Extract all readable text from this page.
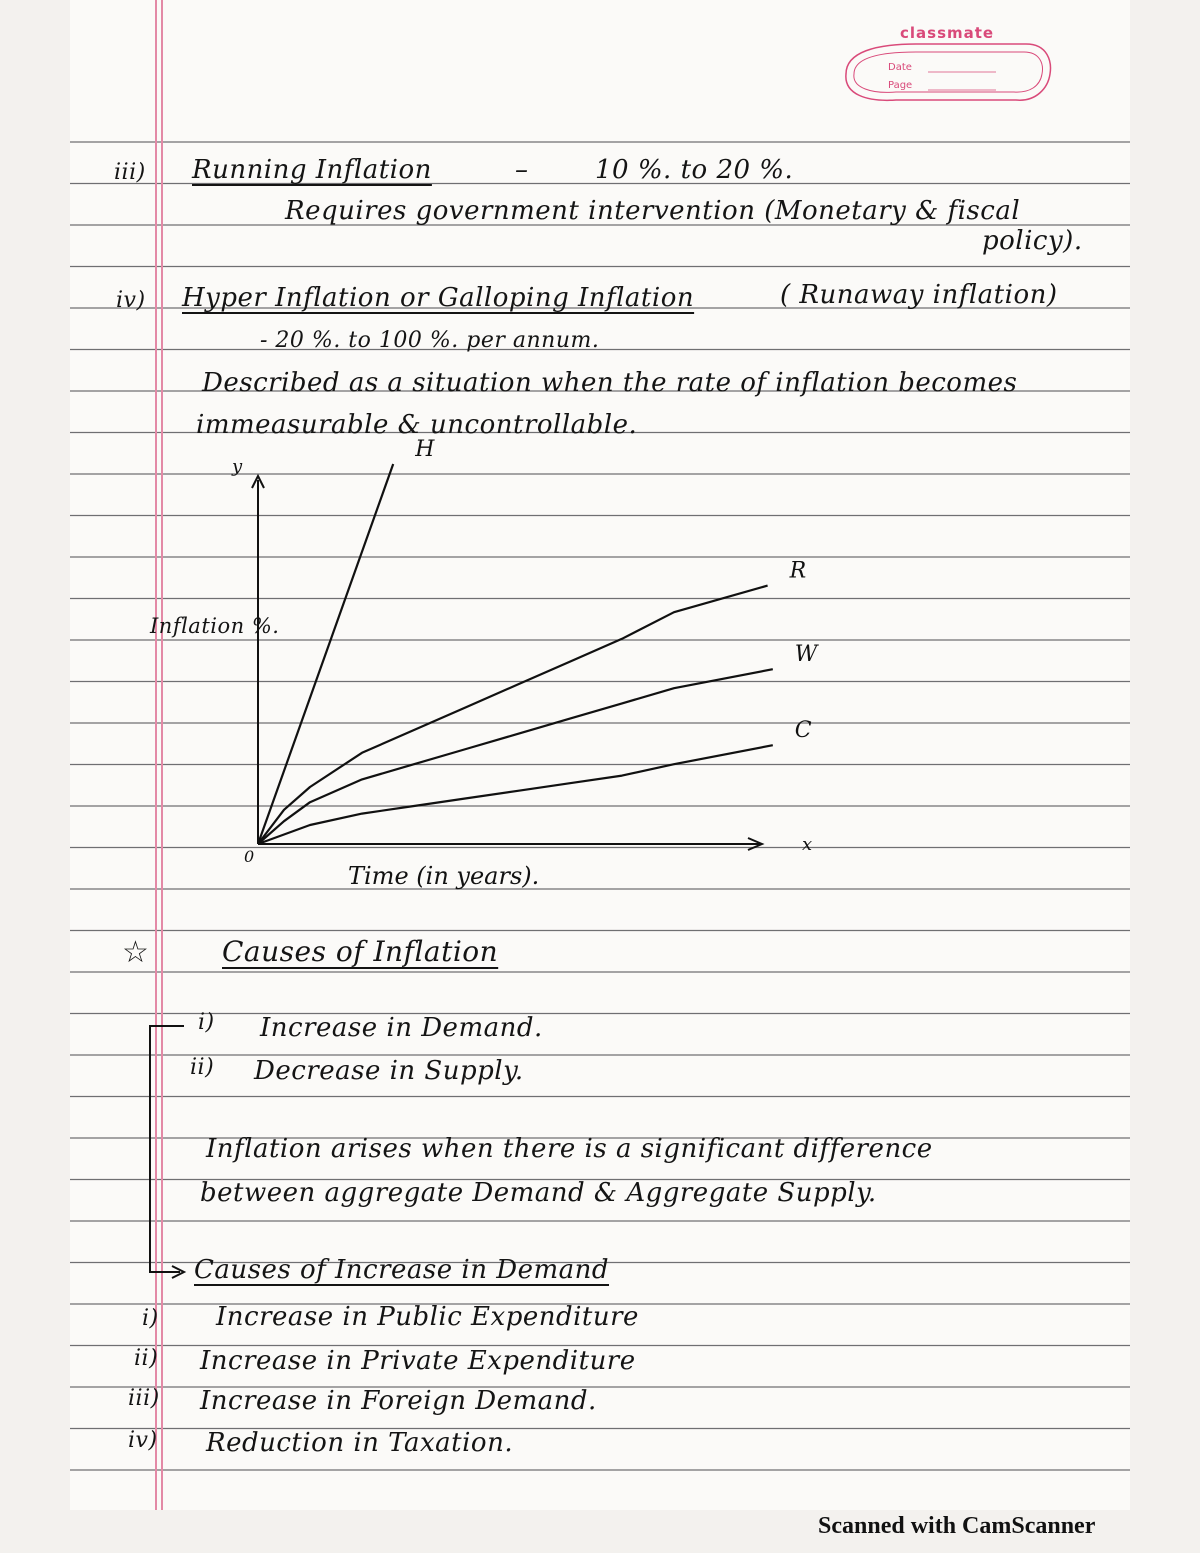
classmate
Date
Page
iii) Running Inflation	–	10 %. to 20 %.
Requires government intervention (Monetary & fiscal
policy).
iv) Hyper Inflation or Galloping Inflation	( Runaway inflation)
- 20 %. to 100 %. per annum.
Described as a situation when the rate of inflation becomes
immeasurable & uncontrollable.
H
R
W
C
0
y
x
Time (in years).
Inflation %.
☆	Causes of Inflation
i) Increase in Demand.
ii) Decrease in Supply.
Inflation arises when there is a significant difference
between aggregate Demand & Aggregate Supply.
Causes of Increase in Demand
i) Increase in Public Expenditure
ii) Increase in Private Expenditure
iii) Increase in Foreign Demand.
iv) Reduction in Taxation.
Scanned with CamScanner
